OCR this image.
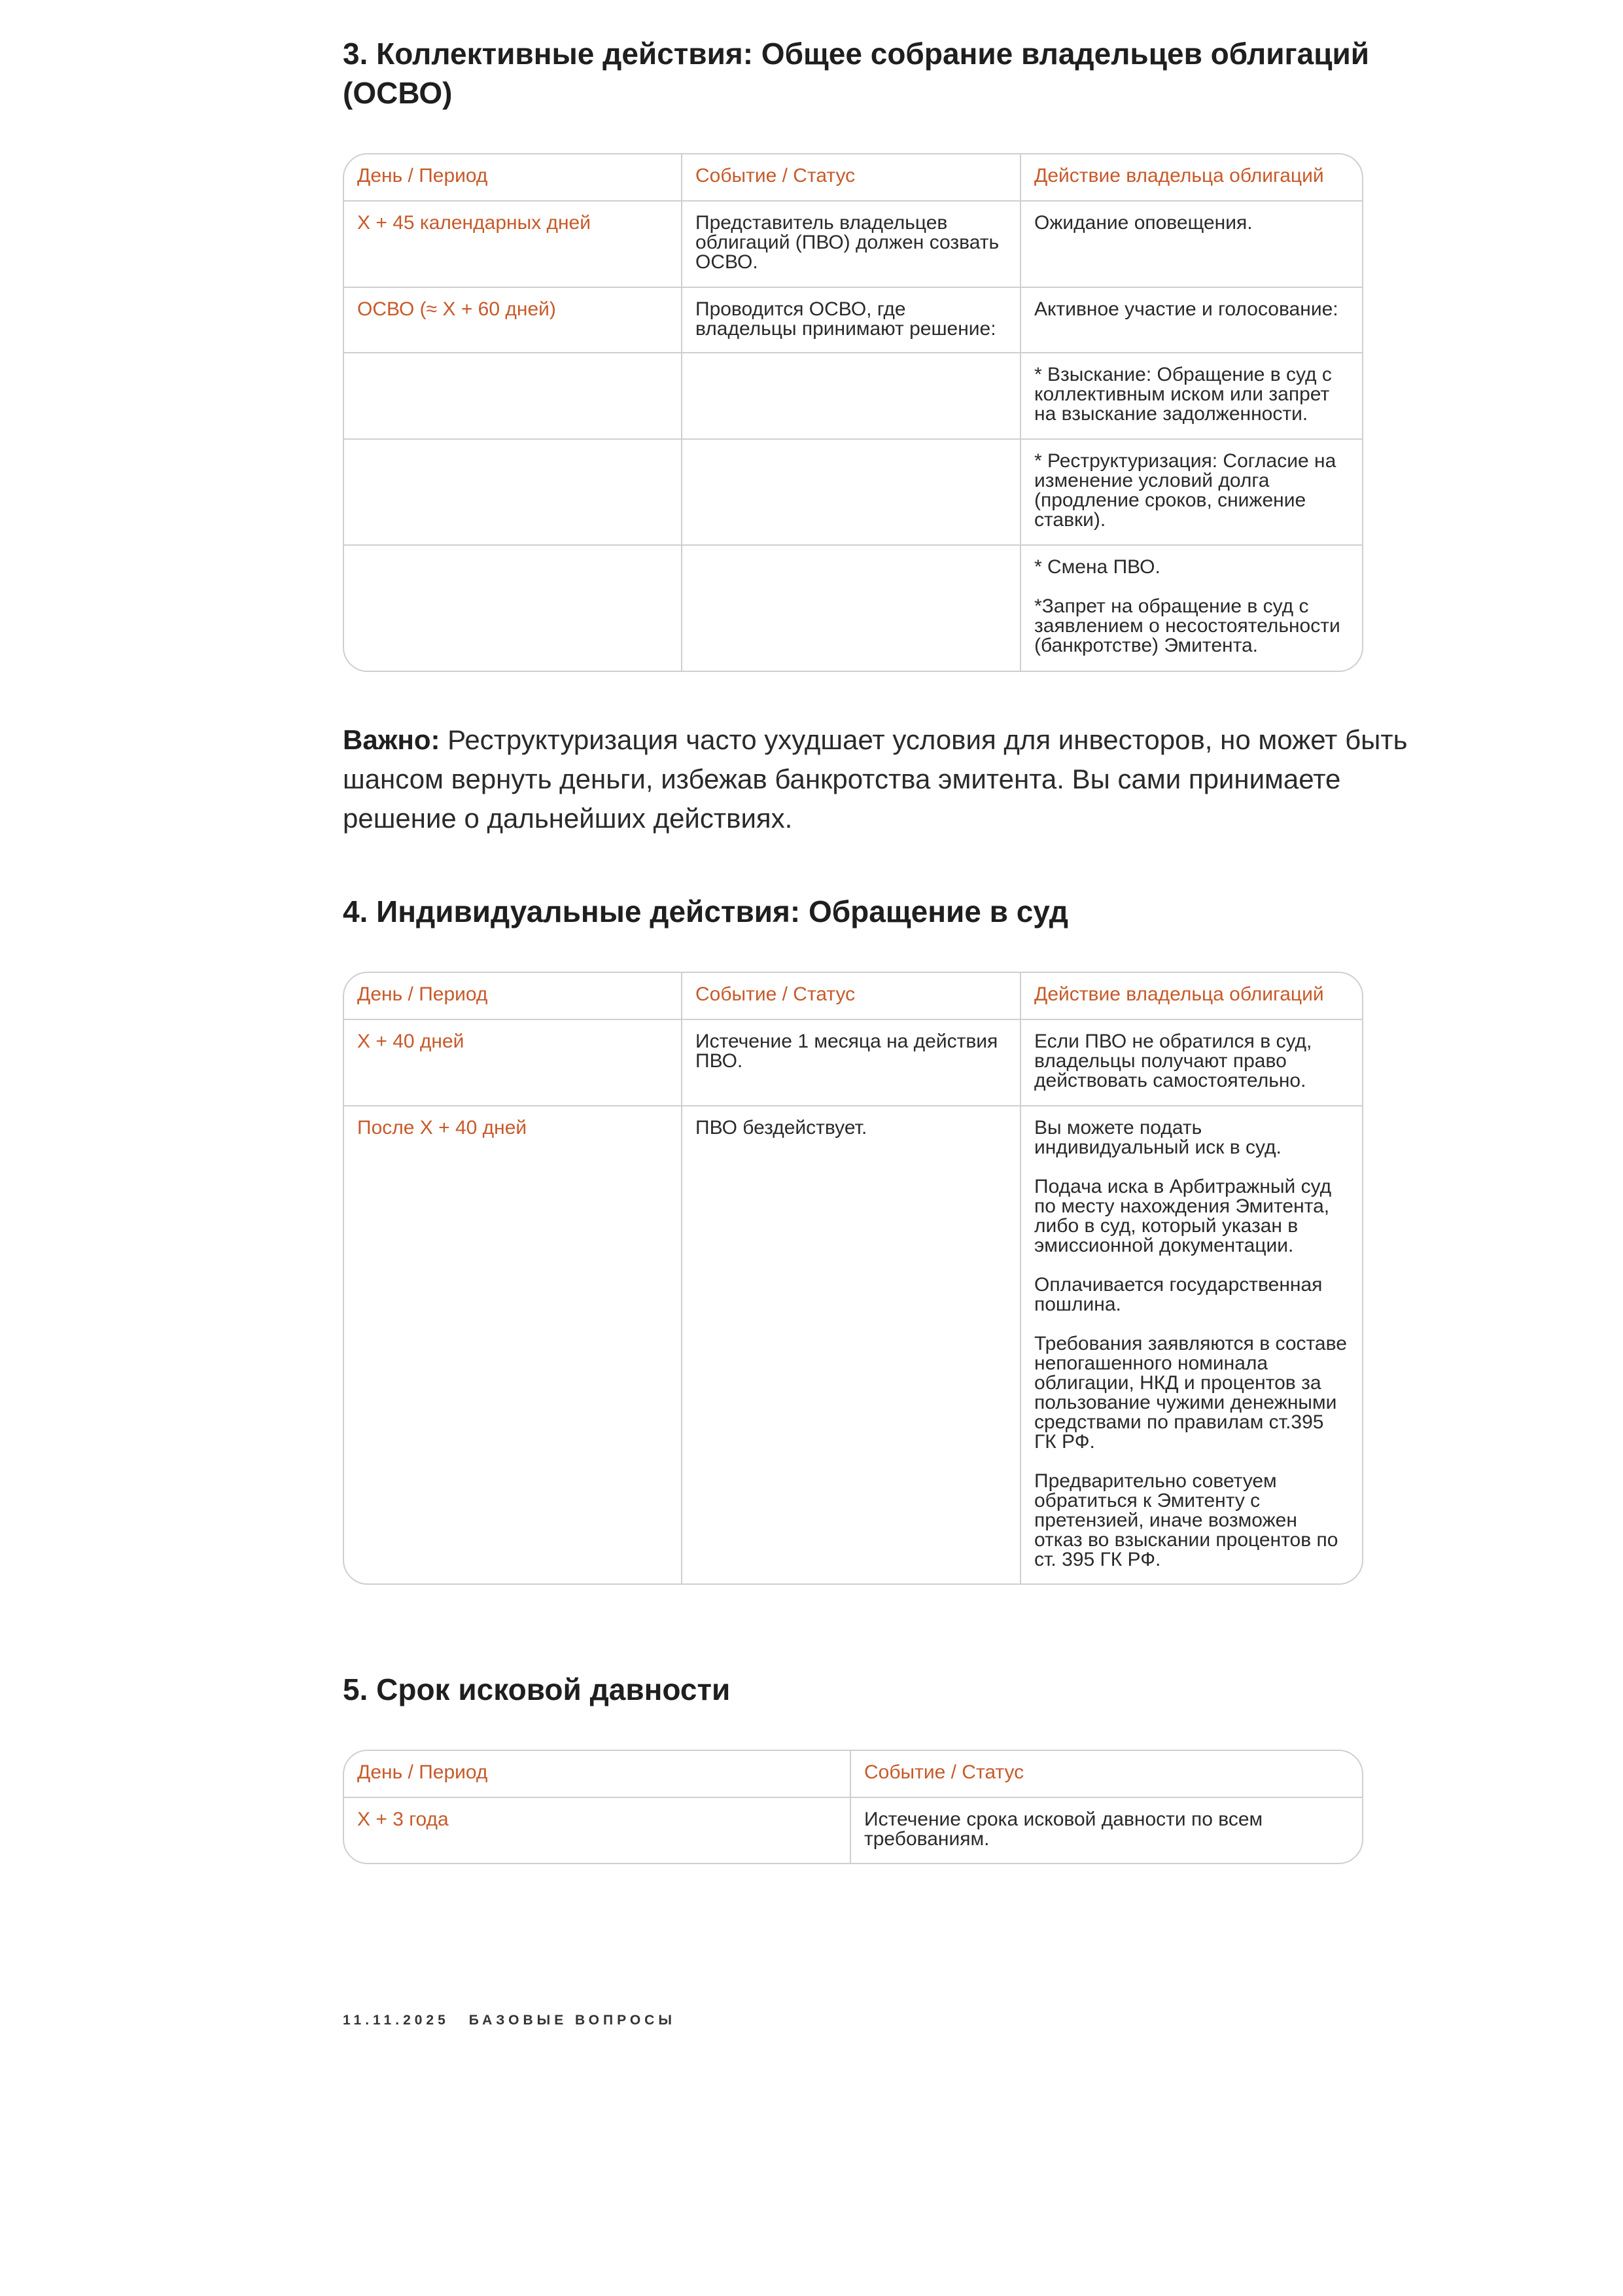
3. Коллективные действия: Общее собрание владельцев облигаций (ОСВО)
День / Период	Событие / Статус	Действие владельца облигаций
Х + 45 календарных дней	Представитель владельцев облигаций (ПВО) должен созвать ОСВО.	Ожидание оповещения.
ОСВО (≈ Х + 60 дней)	Проводится ОСВО, где владельцы принимают решение:	Активное участие и голосование:
		* Взыскание: Обращение в суд с коллективным иском или запрет на взыскание задолженности.
		* Реструктуризация: Согласие на изменение условий долга (продление сроков, снижение ставки).

		* Смена ПВО.

*Запрет на обращение в суд с заявлением о несостоятельности (банкротстве) Эмитента.

Важно: Реструктуризация часто ухудшает условия для инвесторов, но может быть шансом вернуть деньги, избежав банкротства эмитента. Вы сами принимаете решение о дальнейших действиях.

4. Индивидуальные действия: Обращение в суд
День / Период	Событие / Статус	Действие владельца облигаций
Х + 40 дней	Истечение 1 месяца на действия ПВО.	Если ПВО не обратился в суд, владельцы получают право действовать самостоятельно.

После Х + 40 дней	ПВО бездействует.	Вы можете подать индивидуальный иск в суд.

Подача иска в Арбитражный суд по месту нахождения Эмитента, либо в суд, который указан в эмиссионной документации.

Оплачивается государственная пошлина.

Требования заявляются в составе непогашенного номинала облигации, НКД и процентов за пользование чужими денежными средствами по правилам ст.395 ГК РФ.

Предварительно советуем обратиться к Эмитенту с претензией, иначе возможен отказ во взыскании процентов по ст. 395 ГК РФ.

5. Срок исковой давности
День / Период	Событие / Статус
Х + 3 года	Истечение срока исковой давности по всем требованиям.
11.11.2025 БАЗОВЫЕ ВОПРОСЫ
